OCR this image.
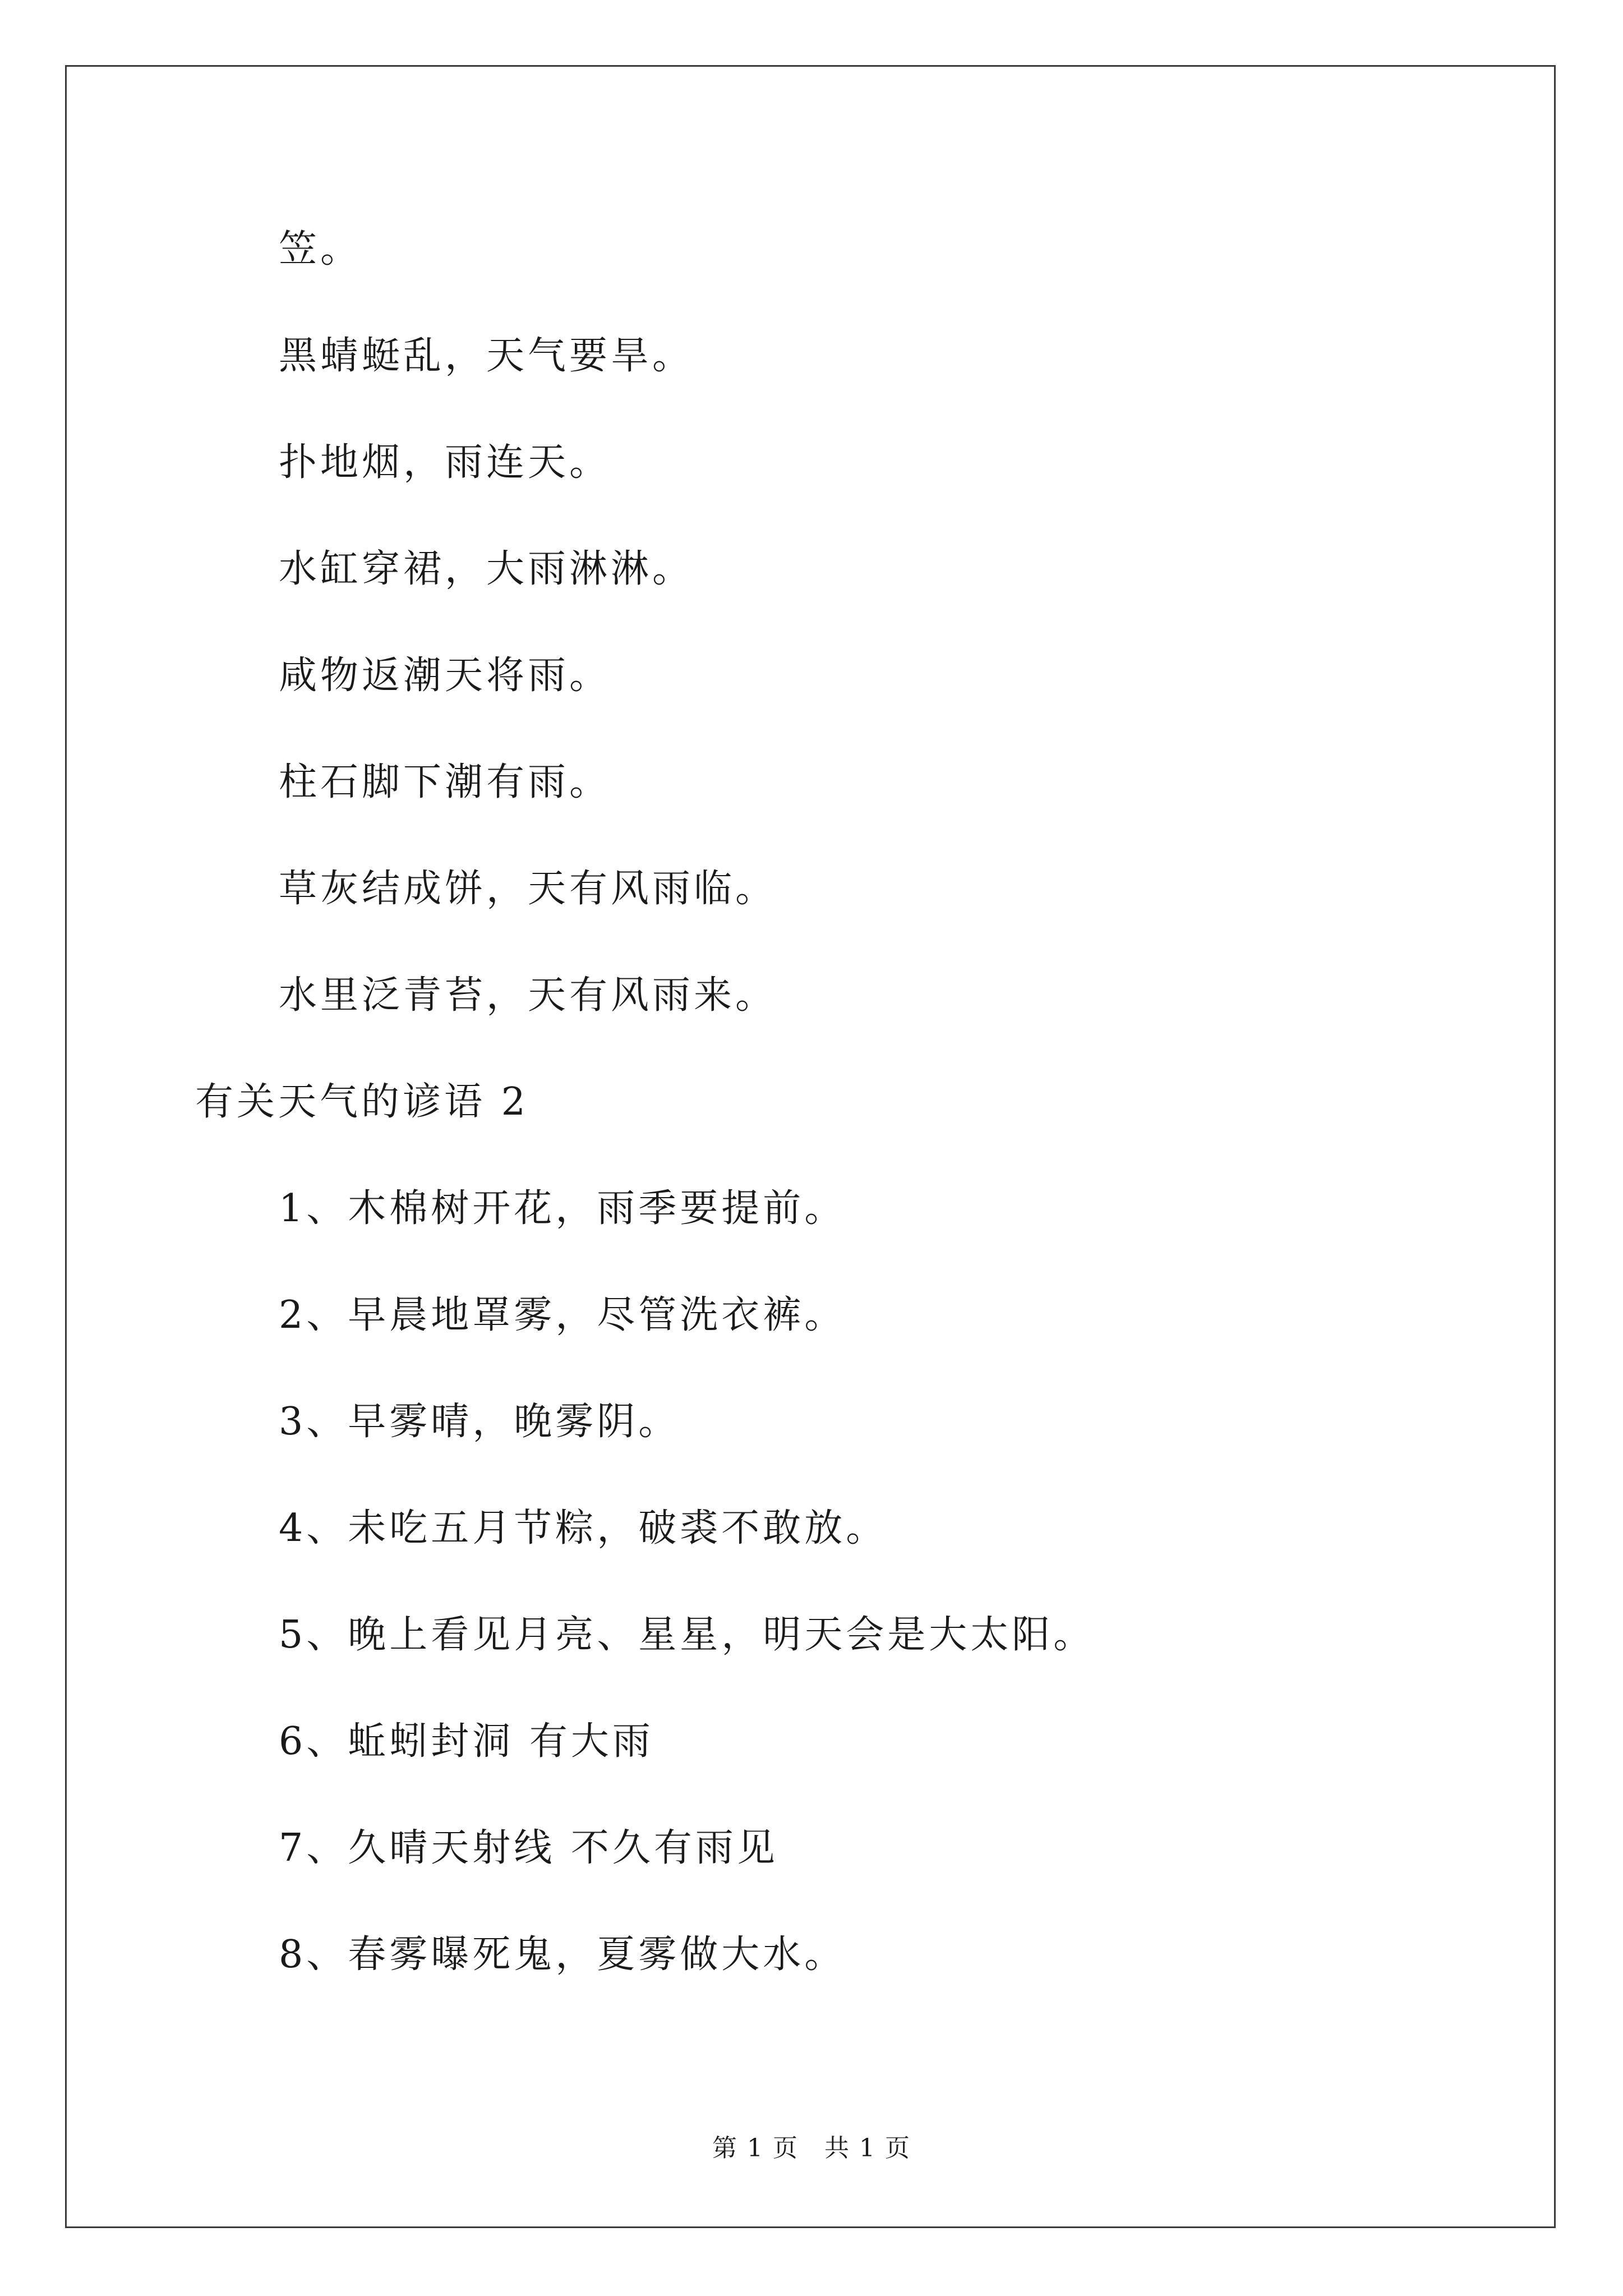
笠。
黑蜻蜓乱，天气要旱。
扑地烟，雨连天。
水缸穿裙，大雨淋淋。
咸物返潮天将雨。
柱石脚下潮有雨。
草灰结成饼，天有风雨临。
水里泛青苔，天有风雨来。
有关天气的谚语 2
1、木棉树开花，雨季要提前。
2、早晨地罩雾，尽管洗衣裤。
3、早雾晴，晚雾阴。
4、未吃五月节粽，破裘不敢放。
5、晚上看见月亮、星星，明天会是大太阳。
6、蚯蚓封洞 有大雨
7、久晴天射线 不久有雨见
8、春雾曝死鬼，夏雾做大水。
第 1 页　共 1 页
